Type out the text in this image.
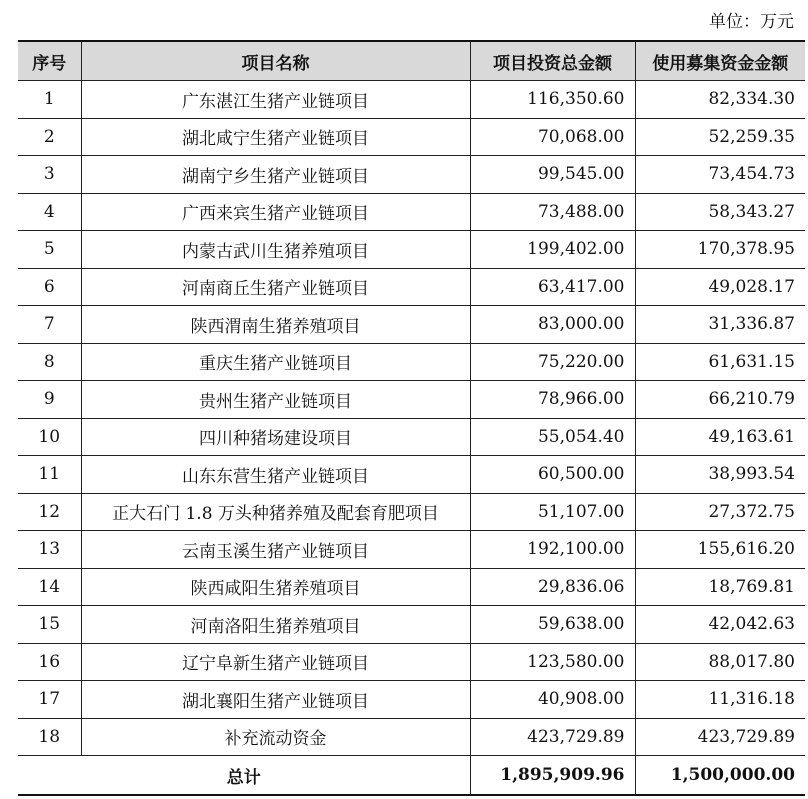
单位：万元
序号	项目名称	项目投资总金额	使用募集资金金额
1	广东湛江生猪产业链项目	116,350.60	82,334.30
2	湖北咸宁生猪产业链项目	70,068.00	52,259.35
3	湖南宁乡生猪产业链项目	99,545.00	73,454.73
4	广西来宾生猪产业链项目	73,488.00	58,343.27
5	内蒙古武川生猪养殖项目	199,402.00	170,378.95
6	河南商丘生猪产业链项目	63,417.00	49,028.17
7	陕西渭南生猪养殖项目	83,000.00	31,336.87
8	重庆生猪产业链项目	75,220.00	61,631.15
9	贵州生猪产业链项目	78,966.00	66,210.79
10	四川种猪场建设项目	55,054.40	49,163.61
11	山东东营生猪产业链项目	60,500.00	38,993.54
12	正大石门 1.8 万头种猪养殖及配套育肥项目	51,107.00	27,372.75
13	云南玉溪生猪产业链项目	192,100.00	155,616.20
14	陕西咸阳生猪养殖项目	29,836.06	18,769.81
15	河南洛阳生猪养殖项目	59,638.00	42,042.63
16	辽宁阜新生猪产业链项目	123,580.00	88,017.80
17	湖北襄阳生猪产业链项目	40,908.00	11,316.18
18	补充流动资金	423,729.89	423,729.89
总计		1,895,909.96	1,500,000.00
